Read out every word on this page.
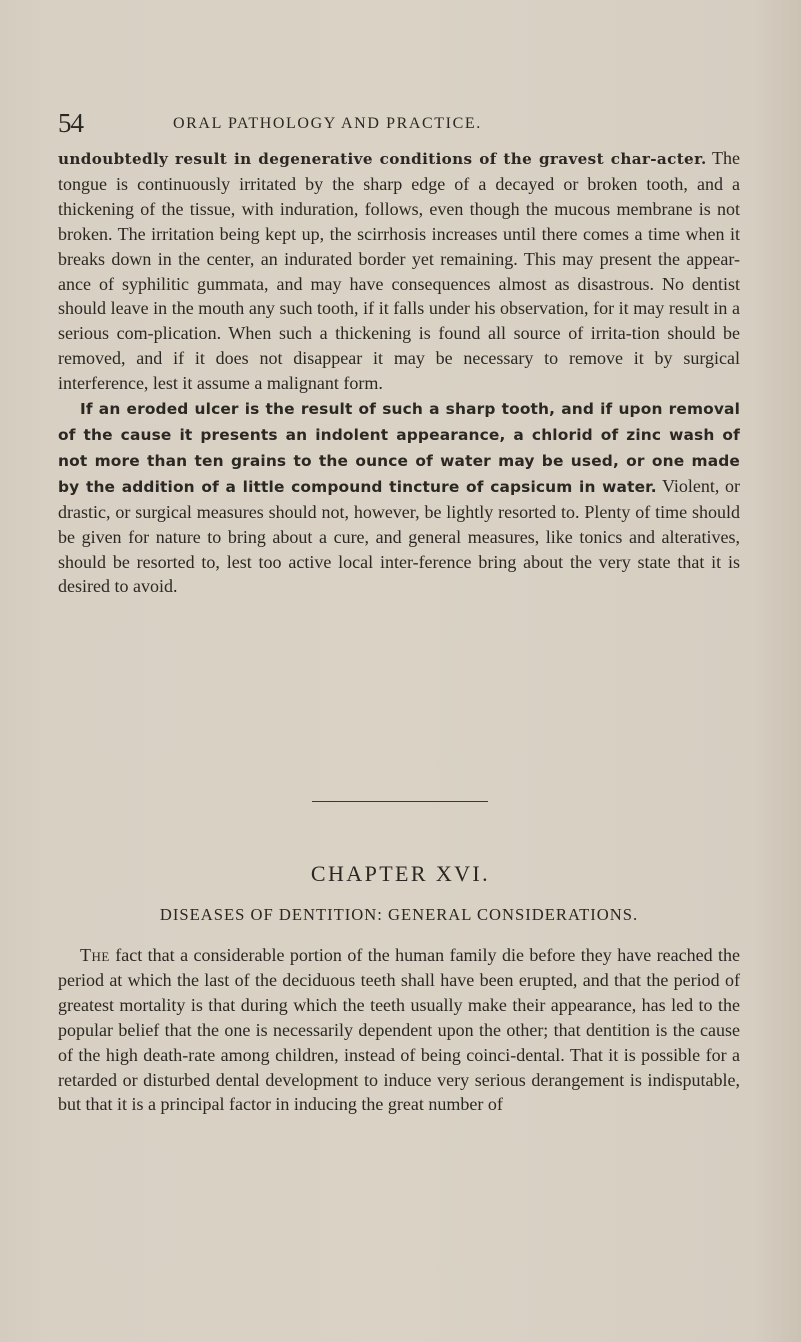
54	ORAL PATHOLOGY AND PRACTICE.

undoubtedly result in degenerative conditions of the gravest char-acter. The tongue is continuously irritated by the sharp edge of a decayed or broken tooth, and a thickening of the tissue, with induration, follows, even though the mucous membrane is not broken. The irritation being kept up, the scirrhosis increases until there comes a time when it breaks down in the center, an indurated border yet remaining. This may present the appear-ance of syphilitic gummata, and may have consequences almost as disastrous. No dentist should leave in the mouth any such tooth, if it falls under his observation, for it may result in a serious com-plication. When such a thickening is found all source of irrita-tion should be removed, and if it does not disappear it may be necessary to remove it by surgical interference, lest it assume a malignant form.

If an eroded ulcer is the result of such a sharp tooth, and if upon removal of the cause it presents an indolent appearance, a chlorid of zinc wash of not more than ten grains to the ounce of water may be used, or one made by the addition of a little compound tincture of capsicum in water. Violent, or drastic, or surgical measures should not, however, be lightly resorted to. Plenty of time should be given for nature to bring about a cure, and general measures, like tonics and alteratives, should be resorted to, lest too active local inter-ference bring about the very state that it is desired to avoid.

CHAPTER XVI.
DISEASES OF DENTITION: GENERAL CONSIDERATIONS.
The fact that a considerable portion of the human family die before they have reached the period at which the last of the deciduous teeth shall have been erupted, and that the period of greatest mortality is that during which the teeth usually make their appearance, has led to the popular belief that the one is necessarily dependent upon the other; that dentition is the cause of the high death-rate among children, instead of being coinci-dental. That it is possible for a retarded or disturbed dental development to induce very serious derangement is indisputable, but that it is a principal factor in inducing the great number of
